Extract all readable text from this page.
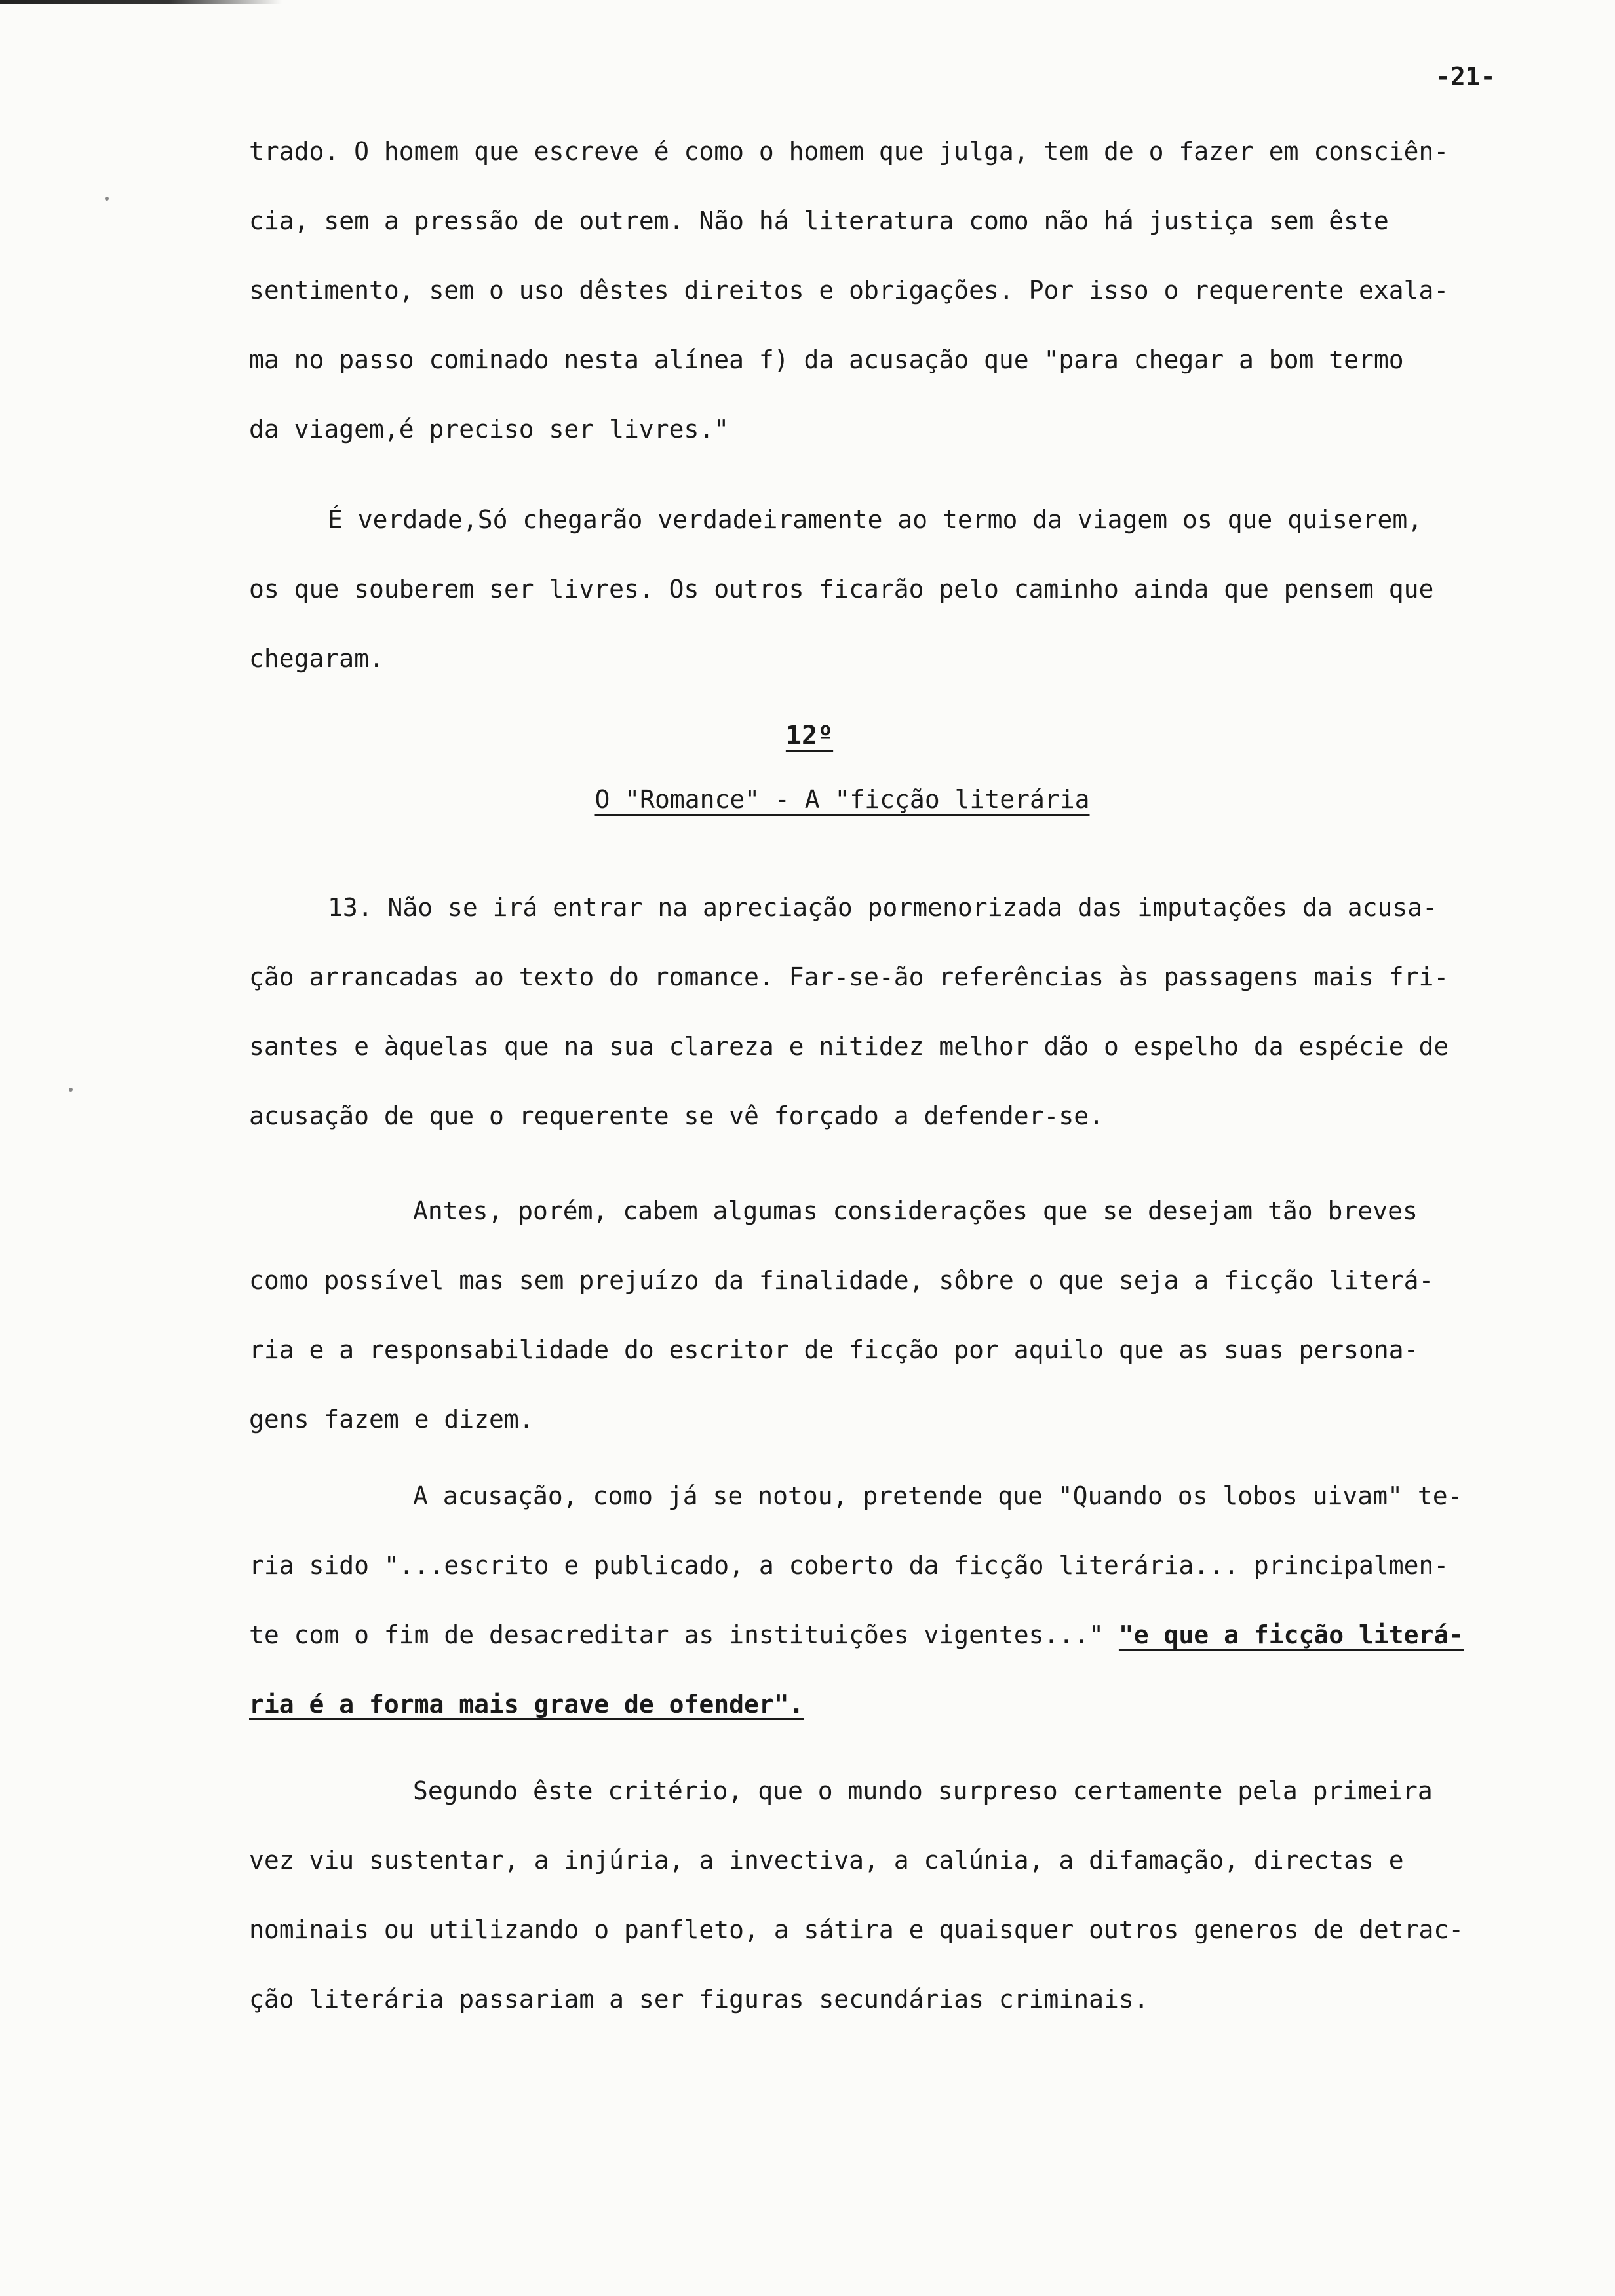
-21-
trado. O homem que escreve é como o homem que julga, tem de o fazer em consciên-
cia, sem a pressão de outrem. Não há literatura como não há justiça sem êste
sentimento, sem o uso dêstes direitos e obrigações. Por isso o requerente exala-
ma no passo cominado nesta alínea f) da acusação que "para chegar a bom termo
da viagem,é preciso ser livres."
É verdade,Só chegarão verdadeiramente ao termo da viagem os que quiserem,
os que souberem ser livres. Os outros ficarão pelo caminho ainda que pensem que
chegaram.
12º
O "Romance" - A "ficção literária
13. Não se irá entrar na apreciação pormenorizada das imputações da acusa-
ção arrancadas ao texto do romance. Far-se-ão referências às passagens mais fri-
santes e àquelas que na sua clareza e nitidez melhor dão o espelho da espécie de
acusação de que o requerente se vê forçado a defender-se.
Antes, porém, cabem algumas considerações que se desejam tão breves
como possível mas sem prejuízo da finalidade, sôbre o que seja a ficção literá-
ria e a responsabilidade do escritor de ficção por aquilo que as suas persona-
gens fazem e dizem.
A acusação, como já se notou, pretende que "Quando os lobos uivam" te-
ria sido "...escrito e publicado, a coberto da ficção literária... principalmen-
te com o fim de desacreditar as instituições vigentes..." "e que a ficção literá-
ria é a forma mais grave de ofender".
Segundo êste critério, que o mundo surpreso certamente pela primeira
vez viu sustentar, a injúria, a invectiva, a calúnia, a difamação, directas e
nominais ou utilizando o panfleto, a sátira e quaisquer outros generos de detrac-
ção literária passariam a ser figuras secundárias criminais.
